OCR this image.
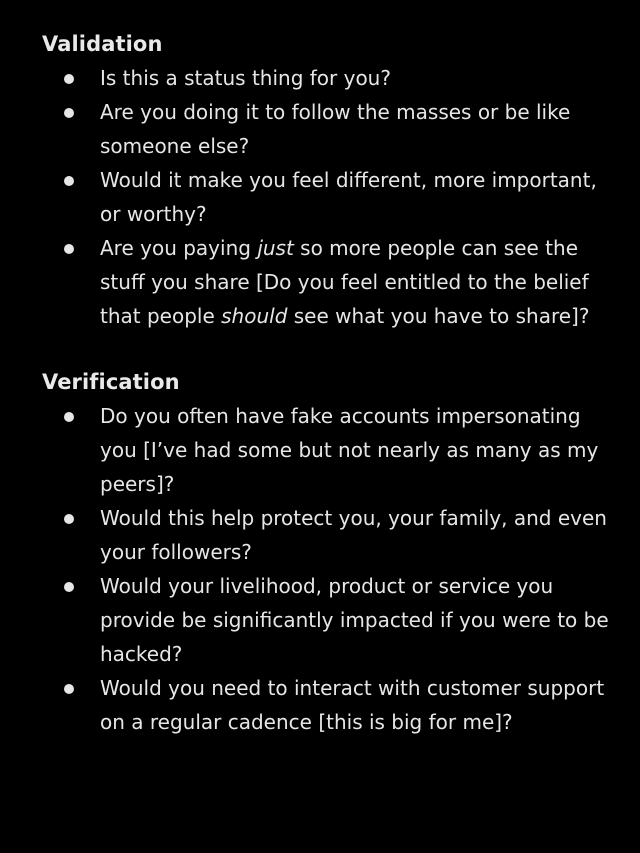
Validation
Is this a status thing for you?
Are you doing it to follow the masses or be like someone else?
Would it make you feel different, more important, or worthy?
Are you paying just so more people can see the stuff you share [Do you feel entitled to the belief that people should see what you have to share]?
Verification
Do you often have fake accounts impersonating you [I’ve had some but not nearly as many as my peers]?
Would this help protect you, your family, and even your followers?
Would your livelihood, product or service you provide be significantly impacted if you were to be hacked?
Would you need to interact with customer support on a regular cadence [this is big for me]?
